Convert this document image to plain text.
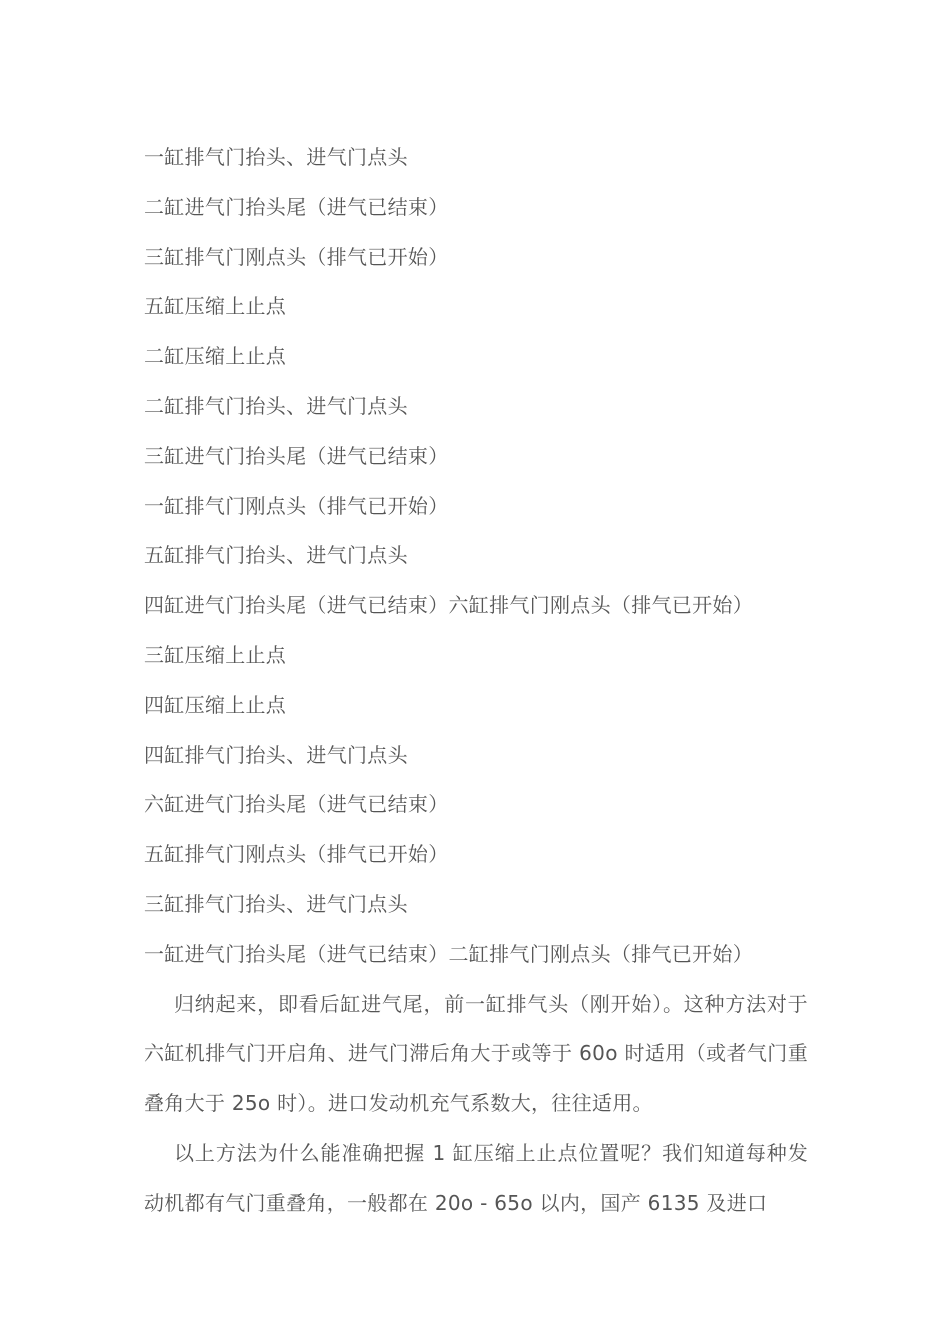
一缸排气门抬头、进气门点头
二缸进气门抬头尾（进气已结束）
三缸排气门刚点头（排气已开始）
五缸压缩上止点
二缸压缩上止点
二缸排气门抬头、进气门点头
三缸进气门抬头尾（进气已结束）
一缸排气门刚点头（排气已开始）
五缸排气门抬头、进气门点头
四缸进气门抬头尾（进气已结束）六缸排气门刚点头（排气已开始）
三缸压缩上止点
四缸压缩上止点
四缸排气门抬头、进气门点头
六缸进气门抬头尾（进气已结束）
五缸排气门刚点头（排气已开始）
三缸排气门抬头、进气门点头
一缸进气门抬头尾（进气已结束）二缸排气门刚点头（排气已开始）

归纳起来，即看后缸进气尾，前一缸排气头（刚开始）。这种方法对于六缸机排气门开启角、进气门滞后角大于或等于 60o 时适用（或者气门重叠角大于 25o 时）。进口发动机充气系数大，往往适用。

以上方法为什么能准确把握 1 缸压缩上止点位置呢？我们知道每种发动机都有气门重叠角，一般都在 20o - 65o 以内，国产 6135 及进口
